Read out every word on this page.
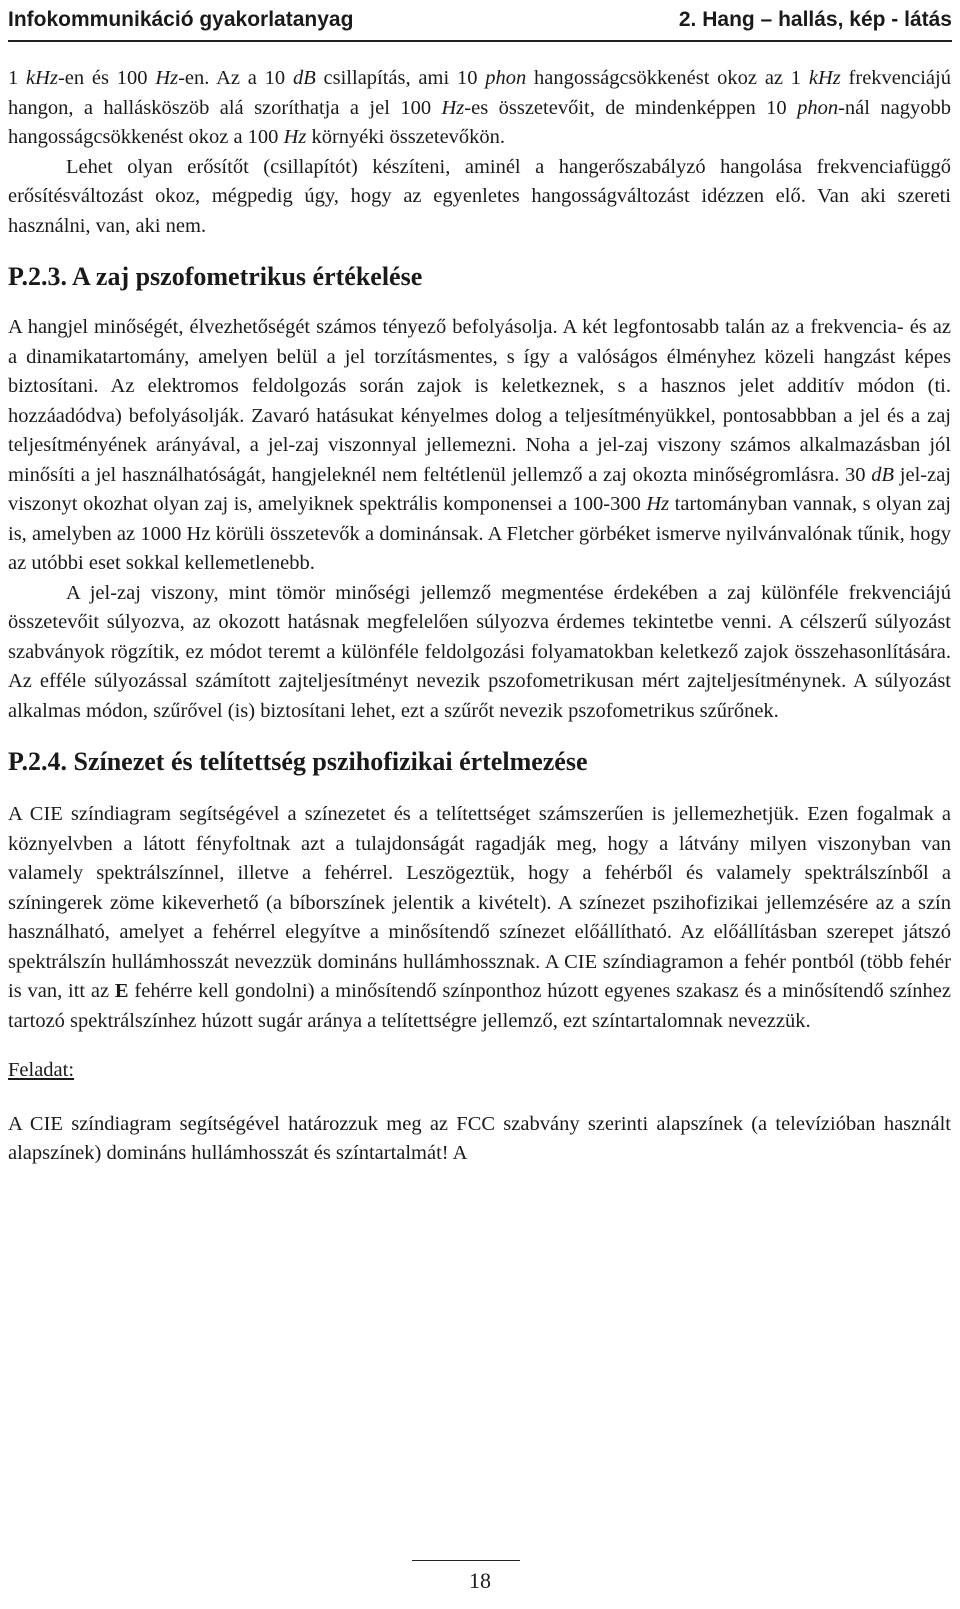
Infokommunikáció gyakorlatanyag	2. Hang – hallás, kép - látás

1 kHz-en és 100 Hz-en. Az a 10 dB csillapítás, ami 10 phon hangosságcsökkenést okoz az 1 kHz frekvenciájú hangon, a hallásköszöb alá szoríthatja a jel 100 Hz-es összetevőit, de mindenképpen 10 phon-nál nagyobb hangosságcsökkenést okoz a 100 Hz környéki összetevőkön.

Lehet olyan erősítőt (csillapítót) készíteni, aminél a hangerőszabályzó hangolása frekvenciafüggő erősítésváltozást okoz, mégpedig úgy, hogy az egyenletes hangosságváltozást idézzen elő. Van aki szereti használni, van, aki nem.

P.2.3. A zaj pszofometrikus értékelése

A hangjel minőségét, élvezhetőségét számos tényező befolyásolja. A két legfontosabb talán az a frekvencia- és az a dinamikatartomány, amelyen belül a jel torzításmentes, s így a valóságos élményhez közeli hangzást képes biztosítani. Az elektromos feldolgozás során zajok is keletkeznek, s a hasznos jelet additív módon (ti. hozzáadódva) befolyásolják. Zavaró hatásukat kényelmes dolog a teljesítményükkel, pontosabbban a jel és a zaj teljesítményének arányával, a jel-zaj viszonnyal jellemezni. Noha a jel-zaj viszony számos alkalmazásban jól minősíti a jel használhatóságát, hangjeleknél nem feltétlenül jellemző a zaj okozta minőségromlásra. 30 dB jel-zaj viszonyt okozhat olyan zaj is, amelyiknek spektrális komponensei a 100-300 Hz tartományban vannak, s olyan zaj is, amelyben az 1000 Hz körüli összetevők a dominánsak. A Fletcher görbéket ismerve nyilvánvalónak tűnik, hogy az utóbbi eset sokkal kellemetlenebb.

A jel-zaj viszony, mint tömör minőségi jellemző megmentése érdekében a zaj különféle frekvenciájú összetevőit súlyozva, az okozott hatásnak megfelelően súlyozva érdemes tekintetbe venni. A célszerű súlyozást szabványok rögzítik, ez módot teremt a különféle feldolgozási folyamatokban keletkező zajok összehasonlítására. Az efféle súlyozással számított zajteljesítményt nevezik pszofometrikusan mért zajteljesítménynek. A súlyozást alkalmas módon, szűrővel (is) biztosítani lehet, ezt a szűrőt nevezik pszofometrikus szűrőnek.

P.2.4. Színezet és telítettség pszihofizikai értelmezése

A CIE színdiagram segítségével a színezetet és a telítettséget számszerűen is jellemezhetjük. Ezen fogalmak a köznyelvben a látott fényfoltnak azt a tulajdonságát ragadják meg, hogy a látvány milyen viszonyban van valamely spektrálszínnel, illetve a fehérrel. Leszögeztük, hogy a fehérből és valamely spektrálszínből a színingerek zöme kikeverhető (a bíborszínek jelentik a kivételt). A színezet pszihofizikai jellemzésére az a szín használható, amelyet a fehérrel elegyítve a minősítendő színezet előállítható. Az előállításban szerepet játszó spektrálszín hullámhosszát nevezzük domináns hullámhossznak. A CIE színdiagramon a fehér pontból (több fehér is van, itt az E fehérre kell gondolni) a minősítendő színponthoz húzott egyenes szakasz és a minősítendő színhez tartozó spektrálszínhez húzott sugár aránya a telítettségre jellemző, ezt színtartalomnak nevezzük.

Feladat:

A CIE színdiagram segítségével határozzuk meg az FCC szabvány szerinti alapszínek (a televízióban használt alapszínek) domináns hullámhosszát és színtartalmát! A

18
